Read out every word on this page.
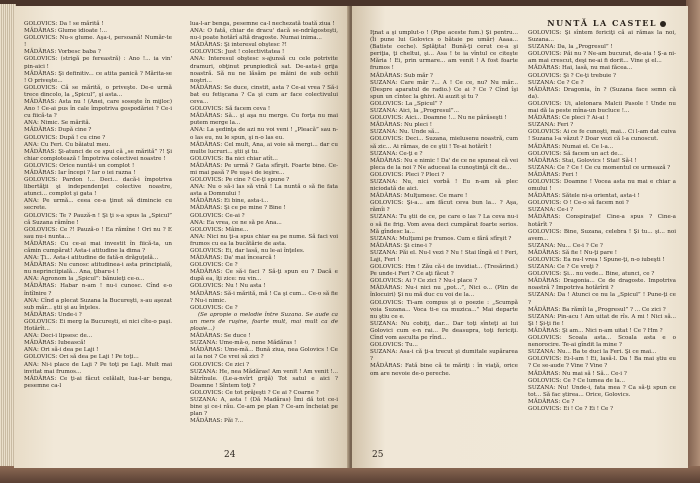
GOLOVICS: Da ! se mărită !

MĂDĂRAS: Glume idioate !...

GOLOVICS: Nu-s glume. Aşa-i, persoană! Număr-te !

MĂDĂRAS: Vorbesc baba ?

GOLOVICS: (strigă pe fereastră) : Ano !... ia vin' pin-aici !

MĂDĂRAS: Şi definitiv... ce atita panică ? Mărita-se ! O priveşte...

GOLOVICS: Că se mărită, o priveşte. De-e urmă trece dincolo, la „Spicul”, şi asta...

MĂDĂRAS: Asta nu ! (Anei, care soseşte în mijloc) Ano ! Ce-ai pus în cale împotriva gospodăriei ? Ce-i cu fiică-ta ?

ANA: Nimic. Se mărită.

MĂDĂRAS: După cine ?

GOLOVICS: După ! cu cine ?

ANA: Cu Feri. Cu băiatul meu.

MĂDĂRAS: Şi-atunci de ce spui că „se mărită” ?! Şi chiar complotează ! Împotriva colectivei noastre !

GOLOVICS: Orice nuntă-i un complot !

MĂDĂRAS: Iar începi ? Iar o iei razna !

GOLOVICS: Pardon !... Deci... dacă-i împotriva libertăţii şi independenţei colective noastre, atunci... complot şi gata !

ANA: Pe urmă... ceea ce-a ţinut să dimincie cu secrete.

GOLOVICS: Te ? Pauză-n ! Şi ţi s-a spus la „Spicul” că Suzana rămîne !

GOLOVICS: Ce ?! Pauză-o ! Ea rămîne ! Ori nu ? E sau nu-i nunta...

MĂDĂRAS: Cu ce-ai mai investit în fiică-ta, un cămin cumpărat! Asta-i atitudine la dima ?

ANA: Ţi... Asta-i atitudine de fată-n drăguţelă...

MĂDĂRAS: Nu cunosc atitudinea-i asta principială, nu neprinciipială... Ana, ţibaru-i !

ANA: Agronom la „Spicul”: bănuieţi ce-o...

MĂDĂRAS: Habar n-am ! nu-i cunosc. Cînd e-o întîlnire ?

ANA: Cînd a plecat Suzana la Bucureşti, s-au aşezat sub măr... ştii şi au înţeles.

MĂDĂRAS: Unde-i ?

GOLOVICS: Ei merg la Bucureşti, ei nici cîte-o paşi. Hotărît...

ANA: Deci-i lipsesc de...

MĂDĂRAS: Iubească!

ANA: Ori să-i dea pe Laji !

GOLOVICS: Ori să dea pe Laji ! Pe toţi...

ANA: Ni-i place de Laji ? Pe toţi pe Laji. Mult mai invitat mai frumos...

MĂDĂRAS: Ce ţi-ai făcut celălalt, lua-l-ar benga, pesemne ca-l

lua-l-ar benga, pesemne ca-l nechezată toată ziua !

ANA: O fată, chiar de dracu' dacă se-ndrăgosteşti, nu-i poate hotărî altă dragoste. Numai inima...

MĂDĂRAS: Şi interesul obştesc ?!

GOLOVICS: Just ! colectivitatea !

ANA: Interesul obştesc s-ajunsă cu cele potrivite dramuri, obţinut prunpiedică sat. De-asta-i grija noastră. Să nu ne lăsăm pe mâini de sub ochii noştri...

MĂDĂRAS: Se duce, cinstit, asta ? Ce-ai vrea ? Să-i bat eu fetişcana ? Ca şi cum ar face colectivului ceva...

GOLOVICS: Să facem ceva !

MĂDĂRAS: Să... şi aşa nu merge. Cu forţa nu mai putem merge la...

ANA: La şedinţa de azi nu voi veni ! „Pleacă” sau n-o las eu, nu le spun, şi n-o las eu.

MĂDĂRAS: Cel mult, Ana, ai voie să mergi... dar cu multe lucruri... ştii şi tu.

GOLOVICS: Ba nici chiar atît...

MĂDĂRAS: Pe urmă ? Gata sfîrşit. Foarte bine. Ce-mi mai pasă ? Pe uşa-i de ieşire...

GOLOVICS: Pe cine ? Ce-ţi spune ?

ANA: Nu o să-i las să vină ! La nuntă o să fie fata asta a Domnului !

MĂDĂRAS: Ei bine, asta-i...

MĂDĂRAS: Şi ce pe mine ? Bine !

GOLOVICS: Ce-ai ?

ANA: Ea vrea, ce ne să pe Ana...

GOLOVICS: Mâine...

ANA: Nici nu ţi-a spus chiar ea pe nume. Să faci voi frumos cu ea la bucătărie de asta.

GOLOVICS: Ei, dar lasă, nu le-ai înţeles.

MĂDĂRAS: Da' mai încearcă !

GOLOVICS: Ce ?

MĂDĂRAS: Ce să-i faci ? Să-ţi spun eu ? Dacă e după ea, îţi zice: nu vin...

GOLOVICS: Nu ! Nu asta !

MĂDĂRAS: Să-i mărită, mă ! Ca şi cum... Ce-o să fie ? Nu-i nimic.

GOLOVICS: Ce ?

(Se apropie o melodie între Suzana. Se aude ca un mers de ruşine, foarte mult, mai mult ca de ploaie...)

MĂDĂRAS: Se duce !

SUZANA: Ume-mă-o, nene Mădăras !

MĂDĂRAS: Ume-mă... Bună ziua, nea Golovics ! Ce ai la noi ? Ce vrei să zici ?

GOLOVICS: Ce zici ?

SUZANA: He, nea Mădăras! Am venit ! Am venit !... bătrînule. (Le-a-nvîrt grijă) Tot satul e aici ? Doamne ! Sîntem toţi ?

GOLOVICS: Ce tot prăjeşti ? Ce ai ? Coarne ?

SUZANA: A, asta ! (Dă Madăras) Îmi dă tot ce-i bine şi ce-i rău. Ce-am pe plan ? Ce-am încheiat pe plan ?

MĂDĂRAS: Păi ?...

24
NUNTĂ LA CASTEL

Iţnat a şi umplut-o ! (Pipe aceste fum.) Şi pentru... (Îi pune lui Golovics o bătaie pe umăr) Aaaa... (Batiste ceche). Splăţita! Bună-ţi cerut ce-a şi periţia, ţi cheltui, şi... Asa ! te ia vîntul ce citeşte Măria ! Ei, prin urmare... am venit ! A fost foarte frumos !

MĂDĂRAS: Sub măr ?

SUZANA: Care măr ?... A ! Ce ce, nu? Nu măr... (Despre aparatul de radio.) Ce ai ? Ce ? Cînd îşi spun un cîntec la ghivi. Ai auzit şi tu ?

GOLOVICS: La „Spicul” ?

SUZANA: Aici, la „Progresul”...

GOLOVICS: Aici... Doamne !... Nu ne părăseşti !

MĂDĂRAS: Nu pleci !

SUZANA: Nu. Unde să...

GOLOVICS: Deci... Suzana, mielusenu noastră, cum să zic... Ai rămas, de ce ştii ! Te-ai hotărît !

SUZANA: Ce-ţi e ?

MĂDĂRAS: Nu e nimic ! Da' de ce ne spuneai că vei pleca de la noi ? Ne aduceai la cunoştinţă cît de...

GOLOVICS: Pleci ? Pleci ?

SUZANA: Nu, nici vorbă ! Eu n-am să plec niciodată de aici.

MĂDĂRAS: Mulţumesc. Ce mare !

GOLOVICS: Şi-a... am făcut ceva bun la... ? Aşa, rămîi ?

SUZANA: Tu ştii de ce, pe care o las ? La ceva nu-i o să fie frig. Vom avea deci cumpărat foarte serios. Mă gîndesc la...

SUZANA: Mulţumi pe frumos. Cum e fără sfîrşit ?

MĂDĂRAS: Şi cine-i ?

SUZANA: Păi el. Nu-l vezi ? Nu ! Stai lîngă el ! Feri, Laji, Feri !

GOLOVICS: Hm ! Zău că-i de invidiat... (Tresărind.) Pe unde-i Feri ? Ce aţi făcut ?

GOLOVICS: Ai ? Ce zici ? Nu-i place ?

MĂDĂRAS: Nu-i nici nu „pot...”, Nici o... (Plin de înlocuiri) Şi nu mă duc cu voi de la...

GOLOVICS: Ti-am compus şi o poezie : „Scumpă voia Suzana... Voca ti-e ca muzica...” Mai departe nu ştiu ce e.

SUZANA: Nu cobiţi, dar... Dar toţi sînteţi ai lui Golovici cum e-n rai... Pe deasupra, toţi fericiţi. Cînd vom asculta pe rînd...

GOLOVICS: Tu...

SUZANA: Asa-i că ţi-a trecut şi dumitale supărarea ?

MĂDĂRAS: Fată bine că te măriţi : în viaţă, orice om are nevoie de-o pereche.

GOLOVICS: Şi sîntem fericiţi că ai rămas la noi, Suzana...

SUZANA: Da, la „Progresul” !

GOLOVICS: Păi nu ? Ne-am bucurat, de-aia ! Ş-a ni-am mai crescut, deşi ne-ai fi dorit... Vine şi el...

MĂDĂRAS: Hai, lasă, nu mai făcea...

GOLOVICS: Şi ? Ce-ţi trebuie ?

SUZANA: Ce ? Ce ?

MĂDĂRAS: Dragonia, în ? (Suzana face semn că da).

GOLOVICS: Ui, alelonara Malcii Pasole ! Unde nu mai dă la peste mîna-un bucluce !...

MĂDĂRAS: Ce pleci ? Ai-ai !

SUZANA: Feri ?

GOLOVICS: Ai ce fe cunoşti, mai... Ci l-am dat cuiva ! Suzana l-a văzut ? Doar vezi că l-a cunoscut.

MĂDĂRAS: Numai el. Ce l-a...

GOLOVICS: Să facem un act de...

MĂDĂRAS: Stai, Golovics ! Stai! Să-l !

SUZANA: Ce ? Ce ! Ce cu momentul ce urmează ?

MĂDĂRAS: Feri !

GOLOVICS: Doamne ! Vocea asta nu mai e chiar a omului !

MĂDĂRAS: Sătele ni-a orientat, asta-i !

GOLOVICS: O ! Ce-o să facem noi ?

SUZANA: Ce-i ?

MĂDĂRAS: Conspiraţie! Cine-a spus ? Cine-a hotărît ?

GOLOVICS: Bine, Suzana, celebra ! Şi tu... şi... noi avem...

SUZANA: Nu... Ce-i ? Ce ?

MĂDĂRAS: Să fie ! Nu-ţi pare !

GOLOVICS: Ea nu-l vrea ! Spune-ţi, n-o iubeşti !

SUZANA: Ce ? Ce vreţi ?

GOLOVICS: Şi... nu vede... Bine, atunci, ce ?

MĂDĂRAS: Dragonia... Ce de dragoste. Impotriva noastră ? Impotriva hotărîrii ?

SUZANA: Da ! Atunci ce nu la „Spicul” ! Pune-ţi ce ?

MĂDĂRAS: Ba rămîi la „Progresul” ? ... Ce zici ?

SUZANA: Pin-acu ! Am uitat de rîs. A mi ! Nici să... Şi ! Şi-ţi fie !

MĂDĂRAS: Şi am... Nici n-am uitat ! Ce ? Hm ?

GOLOVICS: Scoala asta... Scoala asta e o nenorocire. Te-ai gîndit la mine ?

SUZANA: Nu... Ba te duci la Feri. Şi ce mai...

GOLOVICS: Ei-l-am ! Ei, lasă-l. Da ! Ba mai ştiu eu ? Ce se-aude ? Vine ? Vine ?

MĂDĂRAS: Nu mai să ! Să... Ce-i ?

GOLOVICS: Ce ? Ce lumea de la...

SUZANA: Nu! Unde-i, fata mea ? Ca să-ţi spun ce tot... Să fac ştirea... Orice, Golovics.

MĂDĂRAS: Ce ?

GOLOVICS: Ei ! Ce ? Ei ! Ce ?

25
